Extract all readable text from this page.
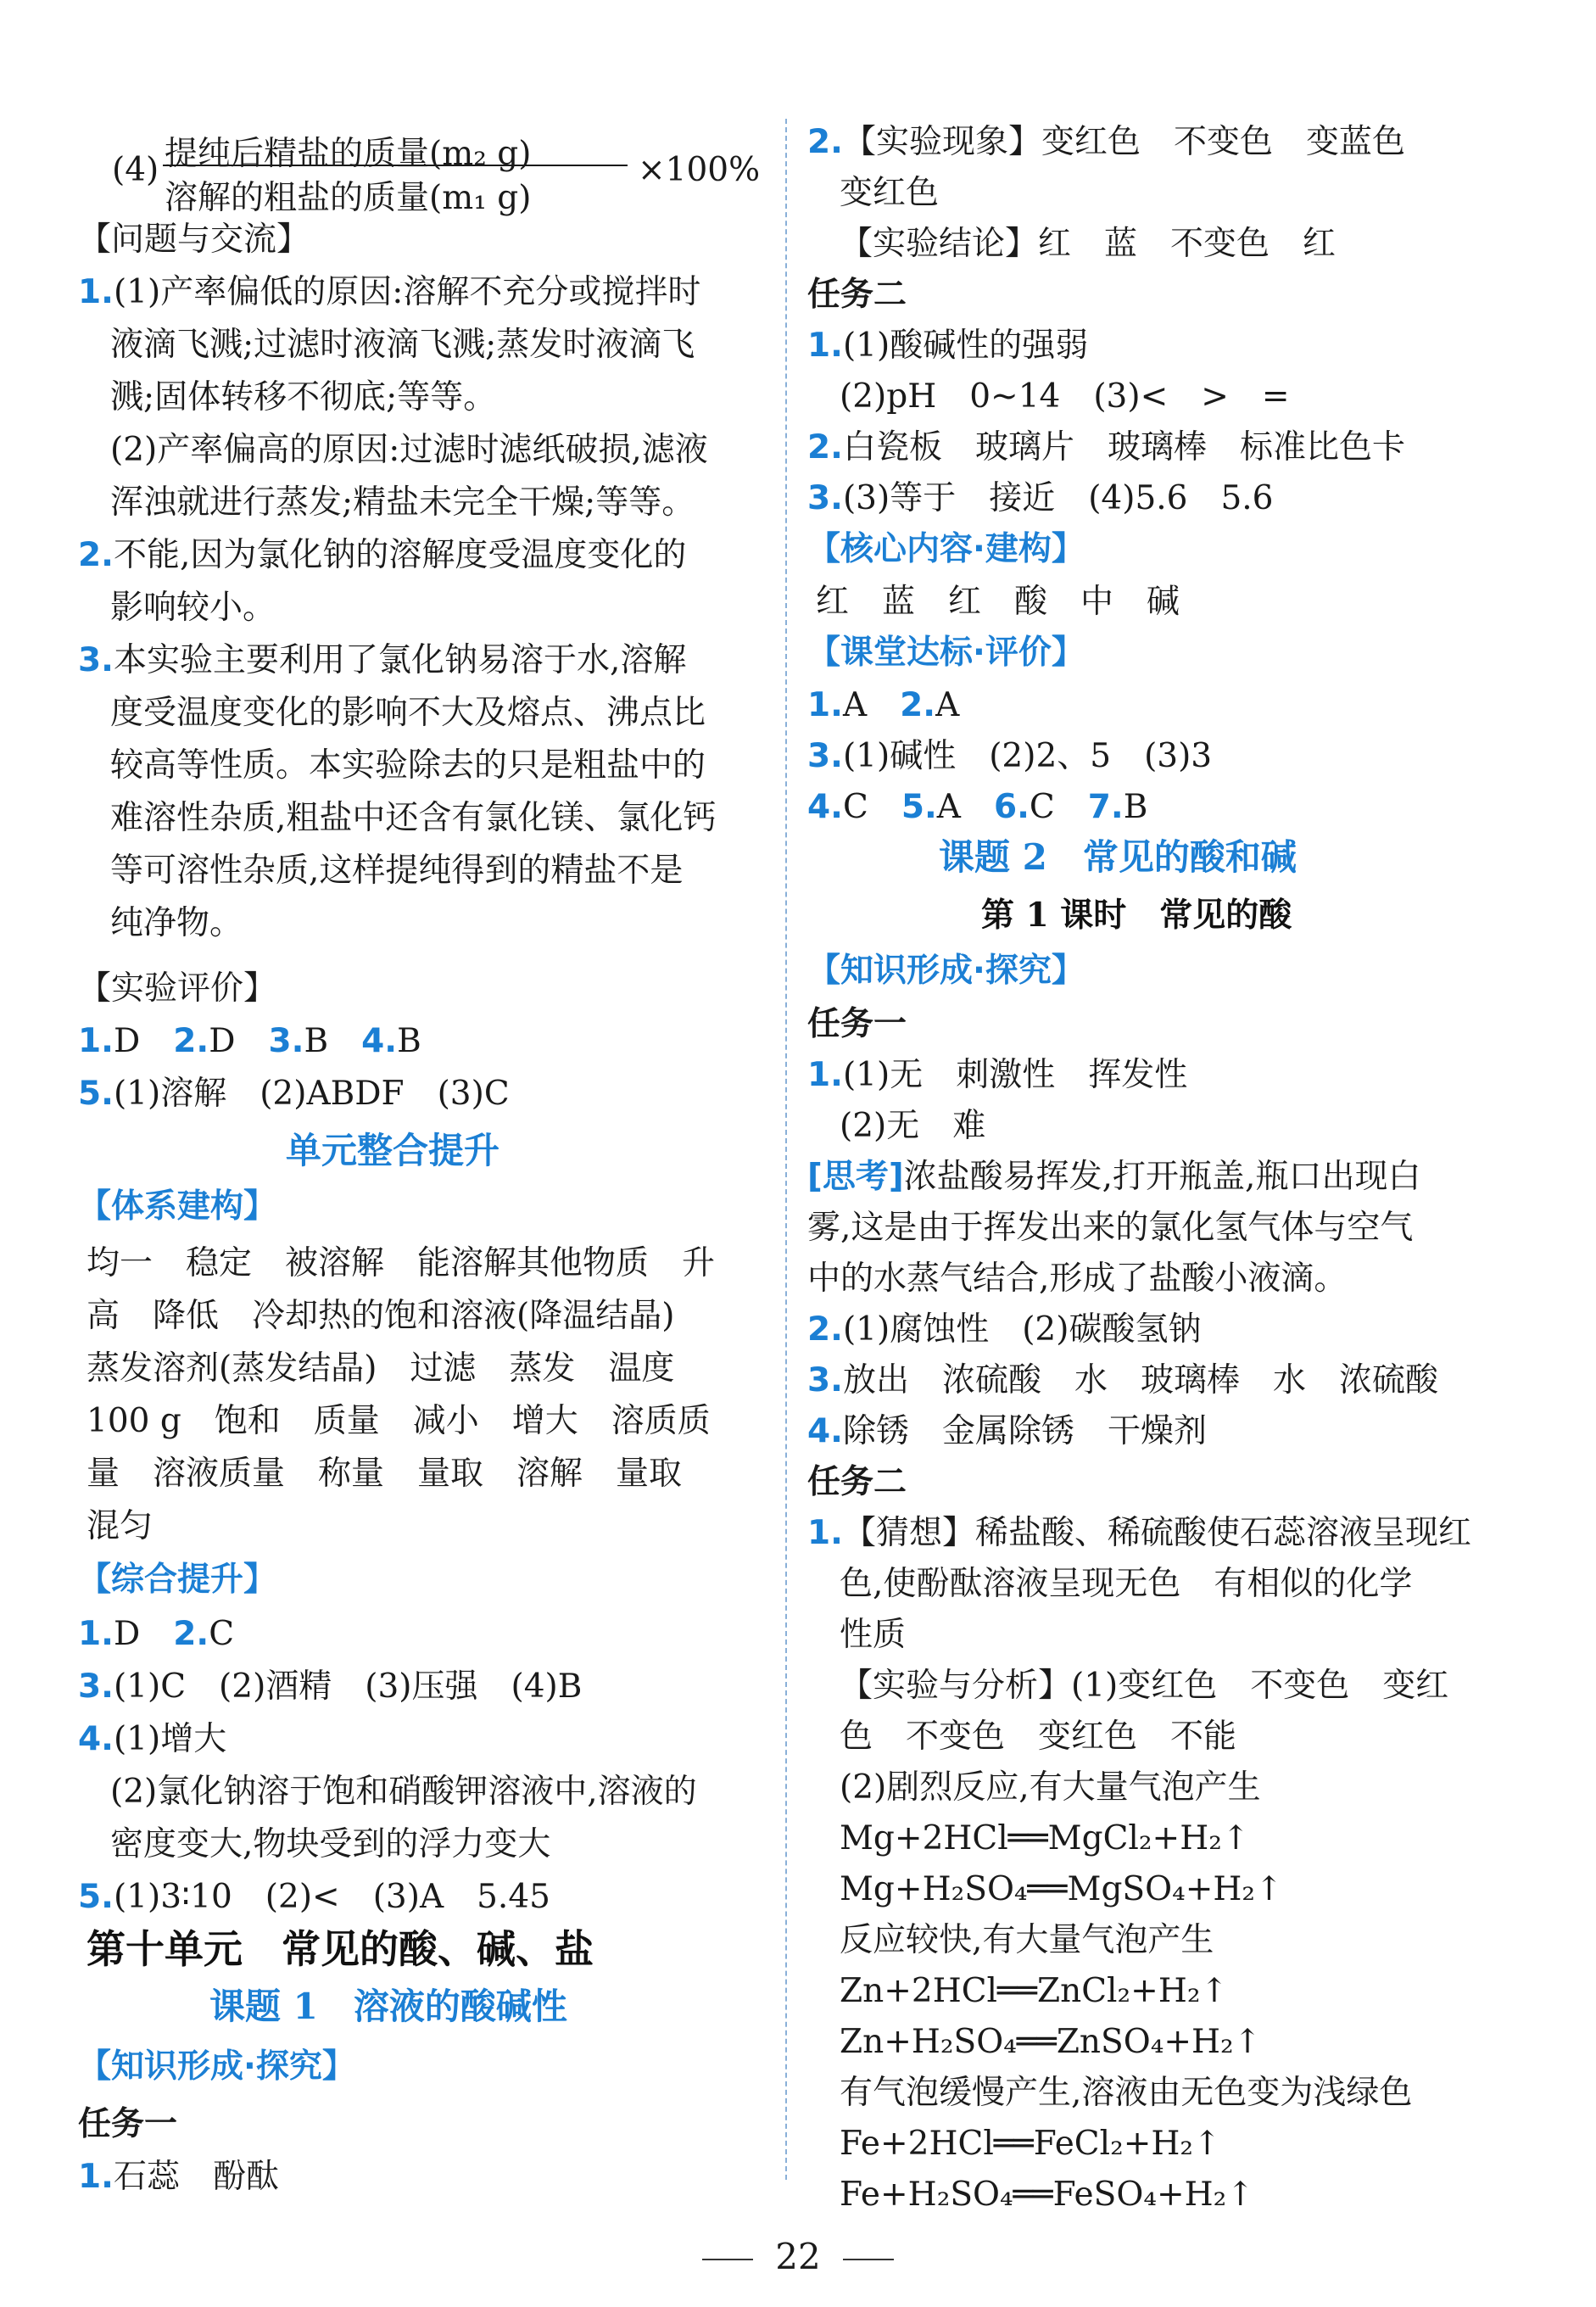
(4) 提纯后精盐的质量(m₂ g)
溶解的粗盐的质量(m₁ g)
×100%
【问题与交流】
1.(1)产率偏低的原因:溶解不充分或搅拌时
液滴飞溅;过滤时液滴飞溅;蒸发时液滴飞
溅;固体转移不彻底;等等。
(2)产率偏高的原因:过滤时滤纸破损,滤液
浑浊就进行蒸发;精盐未完全干燥;等等。
2.不能,因为氯化钠的溶解度受温度变化的
影响较小。
3.本实验主要利用了氯化钠易溶于水,溶解
度受温度变化的影响不大及熔点、沸点比
较高等性质。本实验除去的只是粗盐中的
难溶性杂质,粗盐中还含有氯化镁、氯化钙
等可溶性杂质,这样提纯得到的精盐不是
纯净物。
【实验评价】
1.D　 2.D　 3.B　 4.B
5.(1)溶解　(2)ABDF　(3)C
单元整合提升
【体系建构】
均一　稳定　被溶解　能溶解其他物质　升
高　降低　冷却热的饱和溶液(降温结晶)
蒸发溶剂(蒸发结晶)　过滤　蒸发　温度
100 g　饱和　质量　减小　增大　溶质质
量　溶液质量　称量　量取　溶解　量取
混匀
【综合提升】
1.D　 2.C
3.(1)C　(2)酒精　(3)压强　(4)B
4.(1)增大
(2)氯化钠溶于饱和硝酸钾溶液中,溶液的
密度变大,物块受到的浮力变大
5.(1)3∶10　(2)<　(3)A　5.45
第十单元　常见的酸、碱、盐
课题 1　溶液的酸碱性
【知识形成·探究】
任务一
1.石蕊　酚酞
2.【实验现象】变红色　不变色　变蓝色
变红色
【实验结论】红　蓝　不变色　红
任务二
1.(1)酸碱性的强弱
(2)pH　0~14　(3)<　>　=
2.白瓷板　玻璃片　玻璃棒　标准比色卡
3.(3)等于　接近　(4)5.6　5.6
【核心内容·建构】
红　蓝　红　酸　中　碱
【课堂达标·评价】
1.A　 2.A
3.(1)碱性　(2)2、5　(3)3
4.C　 5.A　 6.C　 7.B
课题 2　常见的酸和碱
第 1 课时　常见的酸
【知识形成·探究】
任务一
1.(1)无　刺激性　挥发性
(2)无　难
[思考]浓盐酸易挥发,打开瓶盖,瓶口出现白
雾,这是由于挥发出来的氯化氢气体与空气
中的水蒸气结合,形成了盐酸小液滴。
2.(1)腐蚀性　(2)碳酸氢钠
3.放出　浓硫酸　水　玻璃棒　水　浓硫酸
4.除锈　金属除锈　干燥剂
任务二
1.【猜想】稀盐酸、稀硫酸使石蕊溶液呈现红
色,使酚酞溶液呈现无色　有相似的化学
性质
【实验与分析】(1)变红色　不变色　变红
色　不变色　变红色　不能
(2)剧烈反应,有大量气泡产生
Mg+2HCl══MgCl₂+H₂↑
Mg+H₂SO₄══MgSO₄+H₂↑
反应较快,有大量气泡产生
Zn+2HCl══ZnCl₂+H₂↑
Zn+H₂SO₄══ZnSO₄+H₂↑
有气泡缓慢产生,溶液由无色变为浅绿色
Fe+2HCl══FeCl₂+H₂↑
Fe+H₂SO₄══FeSO₄+H₂↑
22
